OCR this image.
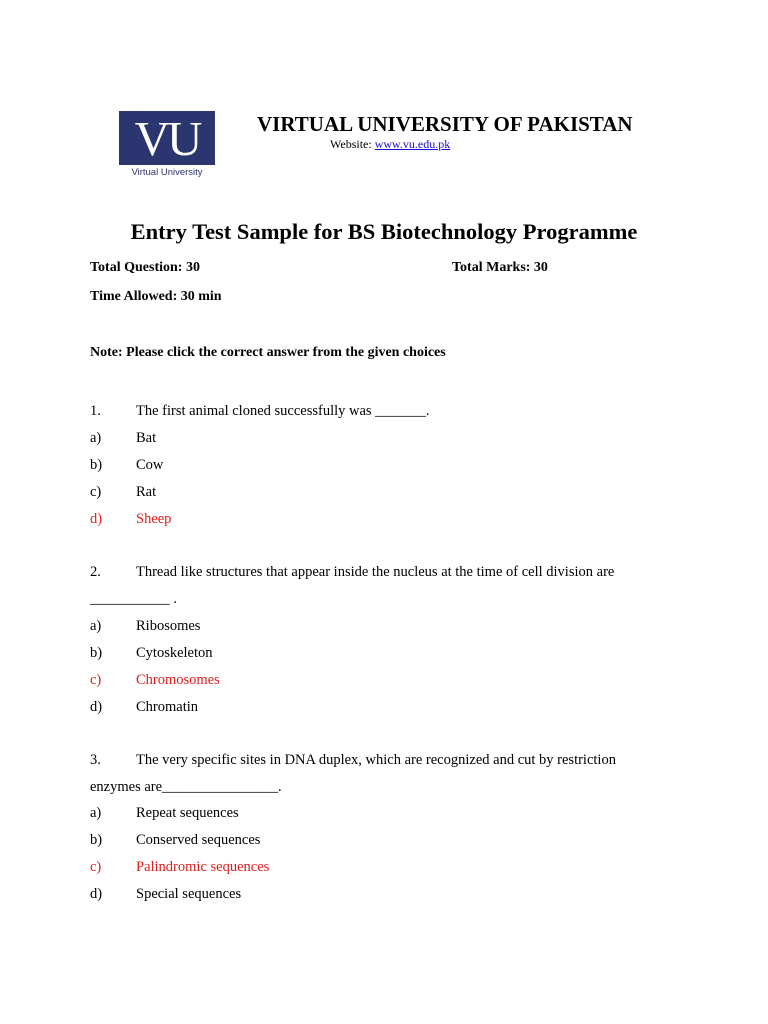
VU
Virtual University
VIRTUAL UNIVERSITY OF PAKISTAN
Website: www.vu.edu.pk
Entry Test Sample for BS Biotechnology Programme
Total Question: 30	Total Marks: 30
Time Allowed: 30 min
Note: Please click the correct answer from the given choices
1. The first animal cloned successfully was _______.
a) Bat
b) Cow
c) Rat
d) Sheep
2. Thread like structures that appear inside the nucleus at the time of cell division are
___________ .
a) Ribosomes
b) Cytoskeleton
c) Chromosomes
d) Chromatin
3. The very specific sites in DNA duplex, which are recognized and cut by restriction
enzymes are________________.
a) Repeat sequences
b) Conserved sequences
c) Palindromic sequences
d) Special sequences
